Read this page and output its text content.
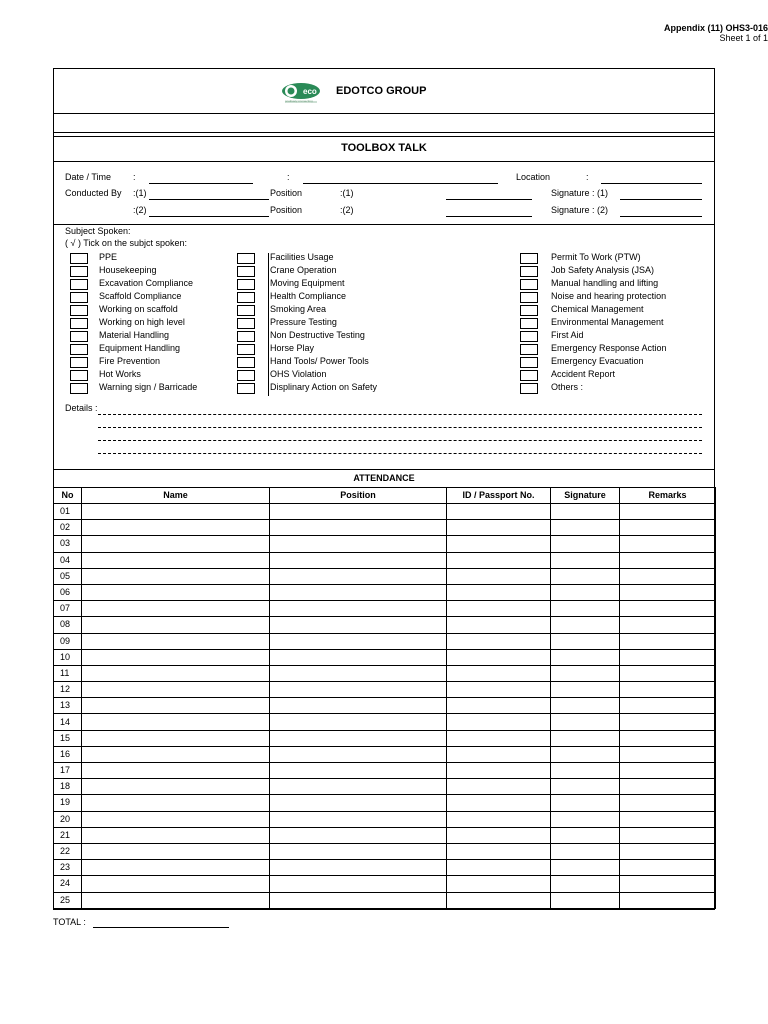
Appendix (11) OHS3-016
Sheet 1 of 1
eco
positively connecting
EDOTCO GROUP
TOOLBOX TALK
Date / Time :	:	Location	:
Conducted By :(1)	Position	:(1)	Signature : (1)
:(2)	Position	:(2)	Signature : (2)
Subject Spoken:
( √ ) Tick on the subjct spoken:
PPE
Housekeeping
Excavation Compliance
Scaffold Compliance
Working on scaffold
Working on high level
Material Handling
Equipment Handling
Fire Prevention
Hot Works
Warning sign / Barricade
Facilities Usage
Crane Operation
Moving Equipment
Health Compliance
Smoking Area
Pressure Testing
Non Destructive Testing
Horse Play
Hand Tools/ Power Tools
OHS Violation
Displinary Action on Safety
Permit To Work (PTW)
Job Safety Analysis (JSA)
Manual handling and lifting
Noise and hearing protection
Chemical Management
Environmental Management
First Aid
Emergency Response Action
Emergency Evacuation
Accident Report
Others :
Details :
ATTENDANCE
No	Name	Position	ID / Passport No.	Signature	Remarks
01					
02					
03					
04					
05					
06					
07					
08					
09					
10					
11					
12					
13					
14					
15					
16					
17					
18					
19					
20					
21					
22					
23					
24					
25					
TOTAL :
